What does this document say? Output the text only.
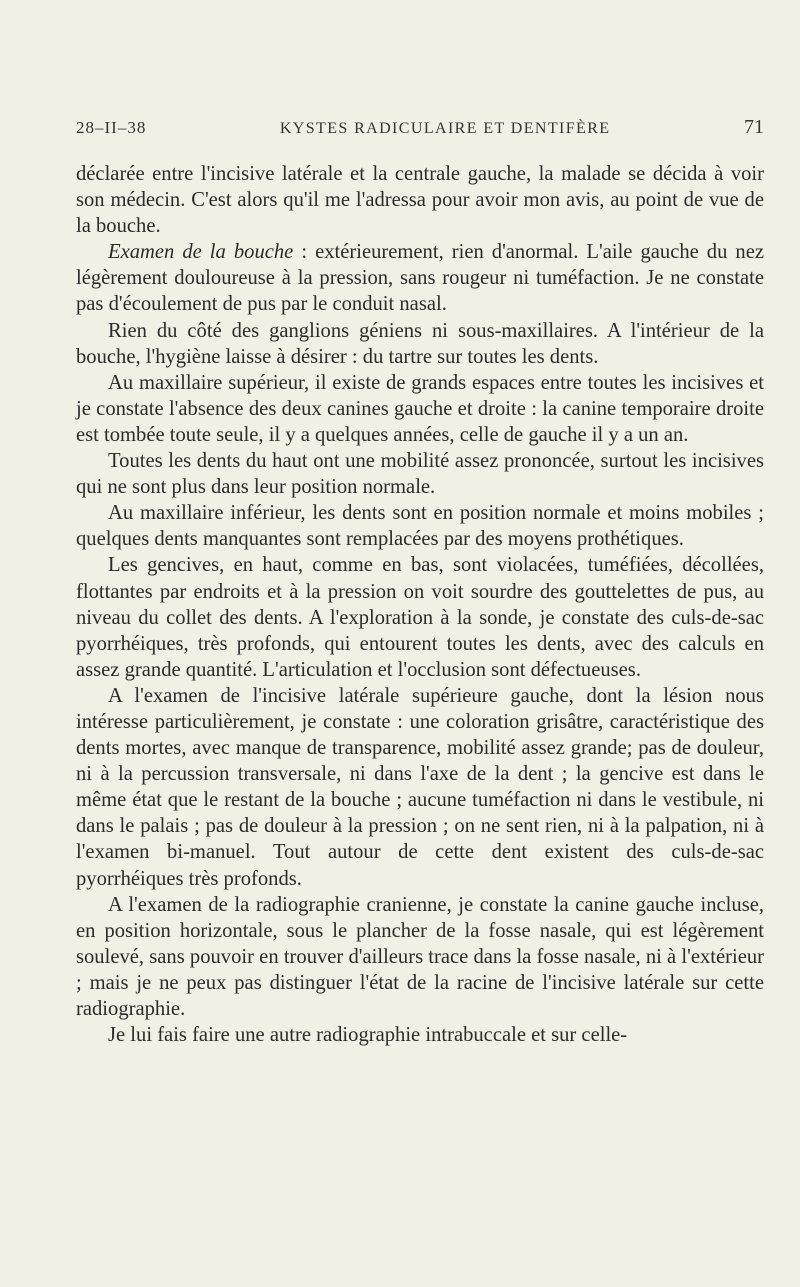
28–II–38	KYSTES RADICULAIRE ET DENTIFÈRE	71

déclarée entre l'incisive latérale et la centrale gauche, la malade se décida à voir son médecin. C'est alors qu'il me l'adressa pour avoir mon avis, au point de vue de la bouche.

Examen de la bouche : extérieurement, rien d'anormal. L'aile gauche du nez légèrement douloureuse à la pression, sans rougeur ni tuméfaction. Je ne constate pas d'écoulement de pus par le conduit nasal.

Rien du côté des ganglions géniens ni sous-maxillaires. A l'intérieur de la bouche, l'hygiène laisse à désirer : du tartre sur toutes les dents.

Au maxillaire supérieur, il existe de grands espaces entre toutes les incisives et je constate l'absence des deux canines gauche et droite : la canine temporaire droite est tombée toute seule, il y a quelques années, celle de gauche il y a un an.

Toutes les dents du haut ont une mobilité assez prononcée, surtout les incisives qui ne sont plus dans leur position normale.

Au maxillaire inférieur, les dents sont en position normale et moins mobiles ; quelques dents manquantes sont remplacées par des moyens prothétiques.

Les gencives, en haut, comme en bas, sont violacées, tuméfiées, décollées, flottantes par endroits et à la pression on voit sourdre des gouttelettes de pus, au niveau du collet des dents. A l'exploration à la sonde, je constate des culs-de-sac pyorrhéiques, très profonds, qui entourent toutes les dents, avec des calculs en assez grande quantité. L'articulation et l'occlusion sont défectueuses.

A l'examen de l'incisive latérale supérieure gauche, dont la lésion nous intéresse particulièrement, je constate : une coloration grisâtre, caractéristique des dents mortes, avec manque de transparence, mobilité assez grande; pas de douleur, ni à la percussion transversale, ni dans l'axe de la dent ; la gencive est dans le même état que le restant de la bouche ; aucune tuméfaction ni dans le vestibule, ni dans le palais ; pas de douleur à la pression ; on ne sent rien, ni à la palpation, ni à l'examen bi-manuel. Tout autour de cette dent existent des culs-de-sac pyorrhéiques très profonds.

A l'examen de la radiographie cranienne, je constate la canine gauche incluse, en position horizontale, sous le plancher de la fosse nasale, qui est légèrement soulevé, sans pouvoir en trouver d'ailleurs trace dans la fosse nasale, ni à l'extérieur ; mais je ne peux pas distinguer l'état de la racine de l'incisive latérale sur cette radiographie.

Je lui fais faire une autre radiographie intrabuccale et sur celle-
